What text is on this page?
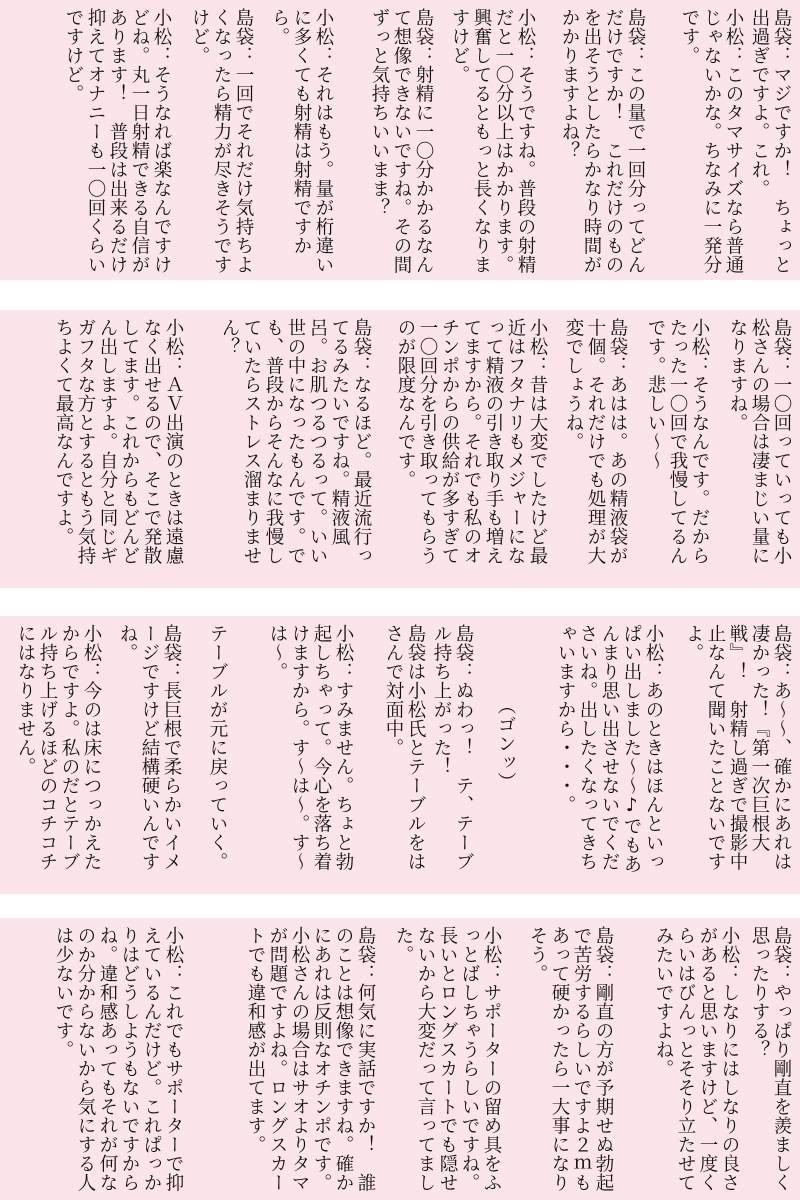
島袋：マジですか！　ちょっと出過ぎですよ。これ。
小松：このタマサイズなら普通じゃないかな。ちなみに一発分です。
島袋：この量で一回分ってどんだけですか！　これだけのものを出そうとしたらかなり時間がかかりますよね？
小松：そうですね。普段の射精だと一〇分以上はかかります。興奮してるともっと長くなりますけど。
島袋：射精に一〇分かかるなんて想像できないですね。その間ずっと気持ちいいまま？
小松：それはもう。量が桁違いに多くても射精は射精ですから。
島袋：一回でそれだけ気持ちよくなったら精力が尽きそうですけど。
小松：そうなれば楽なんですけどね。丸一日射精できる自信があります！　普段は出来るだけ抑えてオナニーも一〇回くらいですけど。
島袋：一〇回っていっても小松さんの場合は凄まじい量になりますね。
小松：そうなんです。だからたった一〇回で我慢してるんです。悲しい〜〜
島袋：あはは。あの精液袋が十個。それだけでも処理が大変でしょうね。
小松：昔は大変でしたけど最近はフタナリもメジャーになって精液の引き取り手も増えてますから。それでも私のオチンポからの供給が多すぎて一〇回分を引き取ってもらうのが限度なんです。
島袋：なるほど。最近流行ってるみたいですね。精液風呂。お肌つるつるって。いい世の中になったもんです。でも、普段からそんなに我慢していたらストレス溜まりません？
小松：ＡＶ出演のときは遠慮なく出せるので、そこで発散してます。これからもどんどん出しますよ。自分と同じギガフタな方とするともう気持ちよくて最高なんですよ。
島袋：あ〜〜、確かにあれは凄かった！『第一次巨根大戦』！　射精し過ぎで撮影中止なんて聞いたことないですよ。
小松：あのときはほんといっぱい出しました〜〜♪でもあんまり思い出させないでくださいね。出したくなってきちゃいますから・・・。
（ゴンッ）
島袋：ぬわっ！　テ、テーブル持ち上がった！
島袋は小松氏とテーブルをはさんで対面中。
小松：すみません。ちょと勃起しちゃって。今心を落ち着けますから。す〜は〜。す〜は〜。
テーブルが元に戻っていく。
島袋：長巨根で柔らかいイメージですけど結構硬いんですね。
小松：今のは床につっかえたからですよ。私のだとテーブル持ち上げるほどのコチコチにはなりません。
島袋：やっぱり剛直を羨ましく思ったりする？
小松：しなりにはしなりの良さがあると思いますけど、一度くらいはびんっとそそり立たせてみたいですよね。
島袋：剛直の方が予期せぬ勃起で苦労するらしいですよ２ｍもあって硬かったら一大事になりそう。
小松：サポーターの留め具をふっとばしちゃうらしいですね。長いとロングスカートでも隠せないから大変だって言ってました。
島袋：何気に実話ですか！　誰のことは想像できますね。確かにあれは反則なオチンポです。小松さんの場合はサオよりタマが問題ですよね。ロングスカートでも違和感が出てます。
小松：これでもサポーターで抑えているんだけど。これぱっかりはどうしようもないですからね。違和感あってもそれが何なのか分からないから気にする人は少ないです。
